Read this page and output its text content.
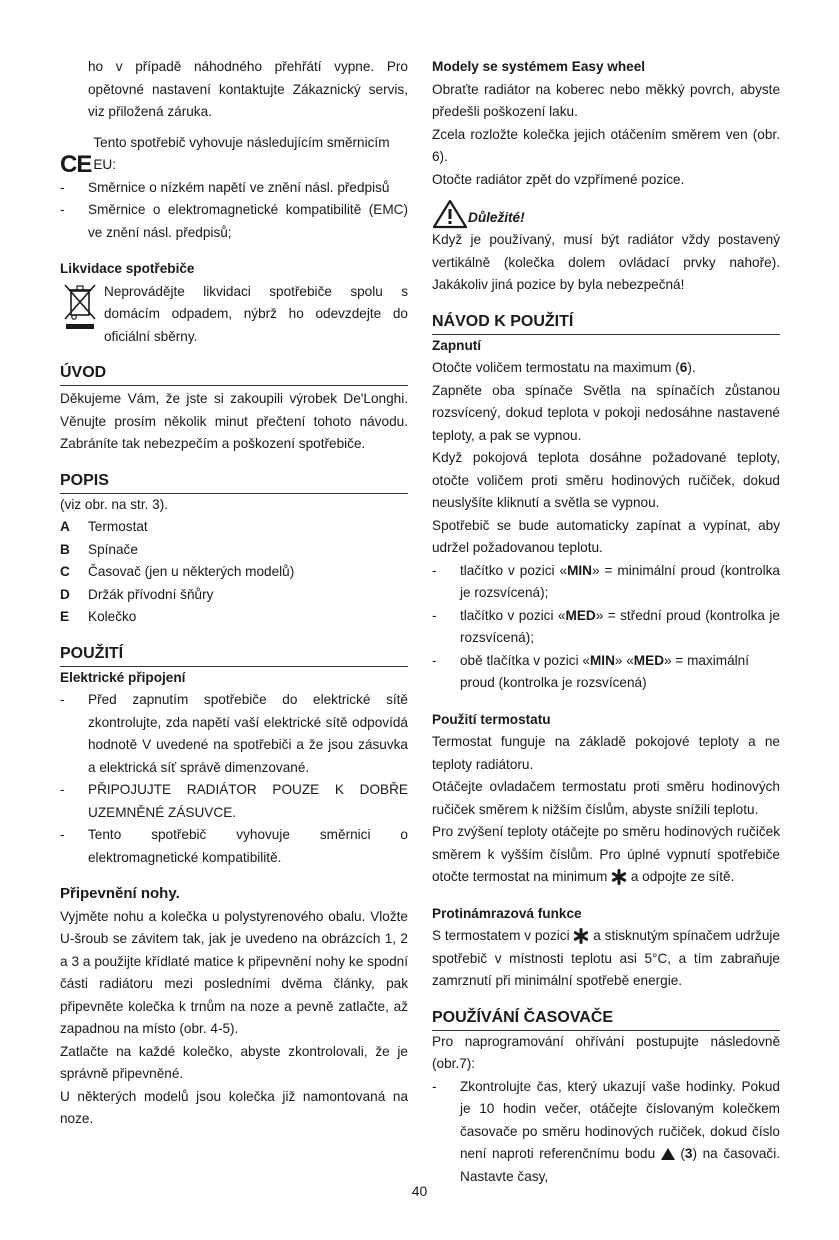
ho v případě náhodného přehřátí vypne. Pro opětovné nastavení kontaktujte Zákaznický servis, viz přiložená záruka.

CE
Tento spotřebič vyhovuje následujícím směrnicím EU:
-	Směrnice o nízkém napětí ve znění násl. předpisů
-	Směrnice o elektromagnetické kompatibilitě (EMC) ve znění násl. předpisů;

Likvidace spotřebiče

Neprovádějte likvidaci spotřebiče spolu s domácím odpadem, nýbrž ho odevzdejte do oficiální sběrny.

ÚVOD

Děkujeme Vám, že jste si zakoupili výrobek De'Longhi. Věnujte prosím několik minut přečtení tohoto návodu. Zabráníte tak nebezpečím a poškození spotřebiče.

POPIS

(viz obr. na str. 3).

A	Termostat
B	Spínače
C	Časovač (jen u některých modelů)
D	Držák přívodní šňůry
E	Kolečko

POUŽITÍ

Elektrické připojení

-	Před zapnutím spotřebiče do elektrické sítě zkontrolujte, zda napětí vaší elektrické sítě odpovídá hodnotě V uvedené na spotřebiči a že jsou zásuvka a elektrická síť správě dimenzované.
-	PŘIPOJUJTE RADIÁTOR POUZE K DOBŘE UZEMNĚNÉ ZÁSUVCE.
-	Tento spotřebič vyhovuje směrnici o elektromagnetické kompatibilitě.

Připevnění nohy.

Vyjměte nohu a kolečka u polystyrenového obalu. Vložte U-šroub se závitem tak, jak je uvedeno na obrázcích 1, 2 a 3 a použijte křídlaté matice k připevnění nohy ke spodní části radiátoru mezi posledními dvěma články, pak připevněte kolečka k trnům na noze a pevně zatlačte, až zapadnou na místo (obr. 4-5).

Zatlačte na každé kolečko, abyste zkontrolovali, že je správně připevněné.

U některých modelů jsou kolečka již namontovaná na noze.

Modely se systémem Easy wheel

Obraťte radiátor na koberec nebo měkký povrch, abyste předešli poškození laku.

Zcela rozložte kolečka jejich otáčením směrem ven (obr. 6).

Otočte radiátor zpět do vzpřímené pozice.

Důležité!

Když je používaný, musí být radiátor vždy postavený vertikálně (kolečka dolem ovládací prvky nahoře). Jakákoliv jiná pozice by byla nebezpečná!

NÁVOD K POUŽITÍ

Zapnutí

Otočte voličem termostatu na maximum (6).

Zapněte oba spínače Světla na spínačích zůstanou rozsvícený, dokud teplota v pokoji nedosáhne nastavené teploty, a pak se vypnou.

Když pokojová teplota dosáhne požadované teploty, otočte voličem proti směru hodinových ručiček, dokud neuslyšíte kliknutí a světla se vypnou.

Spotřebič se bude automaticky zapínat a vypínat, aby udržel požadovanou teplotu.

-	tlačítko v pozici «MIN» = minimální proud (kontrolka je rozsvícená);
-	tlačítko v pozici «MED» = střední proud (kontrolka je rozsvícená);
-	obě tlačítka v pozici «MIN» «MED» = maximální proud (kontrolka je rozsvícená)

Použití termostatu

Termostat funguje na základě pokojové teploty a ne teploty radiátoru.

Otáčejte ovladačem termostatu proti směru hodinových ručiček směrem k nižším číslům, abyste snížili teplotu.

Pro zvýšení teploty otáčejte po směru hodinových ručiček směrem k vyšším číslům. Pro úplné vypnutí spotřebiče otočte termostat na minimum a odpojte ze sítě.

Protinámrazová funkce

S termostatem v pozici a stisknutým spínačem udržuje spotřebič v místnosti teplotu asi 5°C, a tím zabraňuje zamrznutí při minimální spotřebě energie.

POUŽÍVÁNÍ ČASOVAČE

Pro naprogramování ohřívání postupujte následovně (obr.7):

-	Zkontrolujte čas, který ukazují vaše hodinky. Pokud je 10 hodin večer, otáčejte číslovaným kolečkem časovače po směru hodinových ručiček, dokud číslo není naproti referenčnímu bodu (3) na časovači. Nastavte časy,
40
